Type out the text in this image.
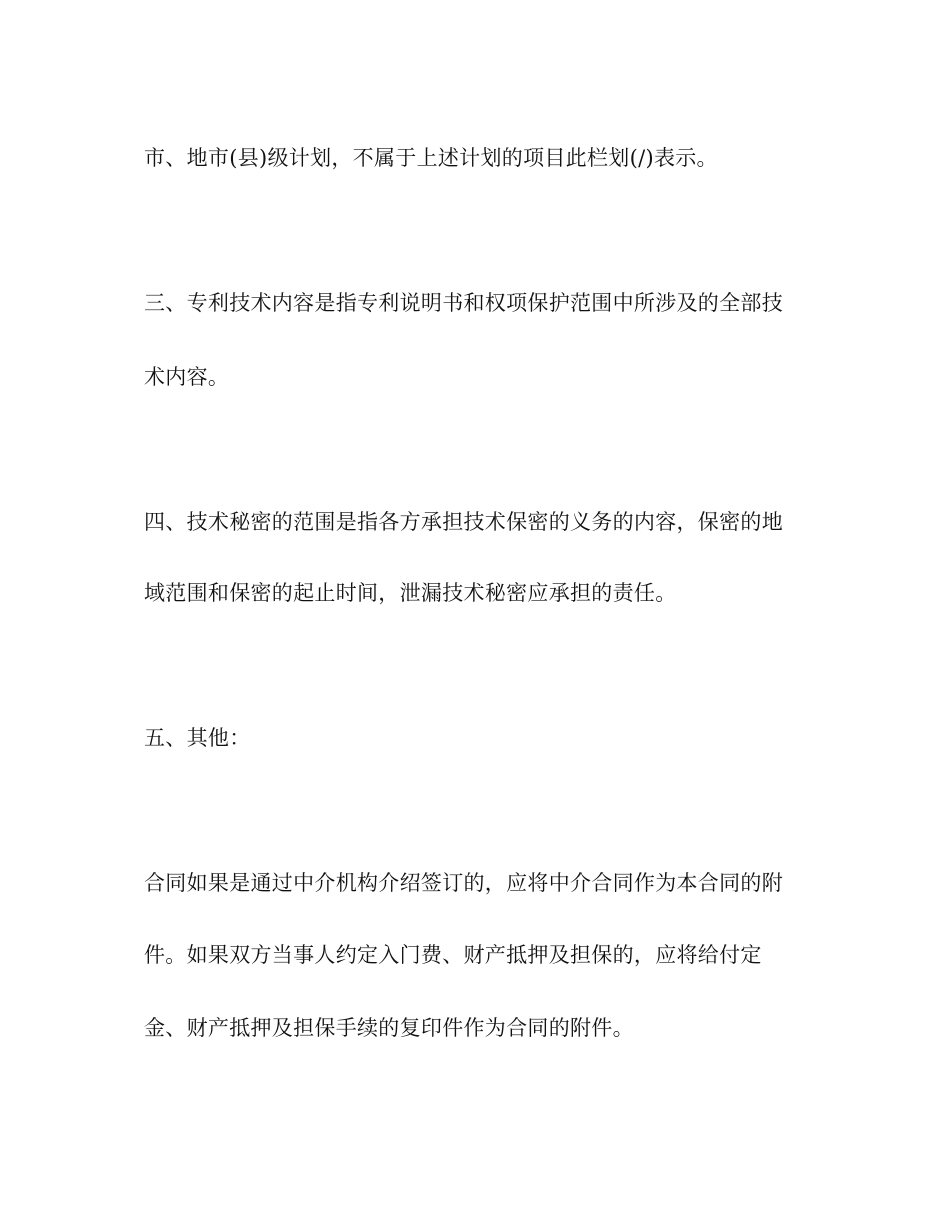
市、地市(县)级计划，不属于上述计划的项目此栏划(/)表示。
三、专利技术内容是指专利说明书和权项保护范围中所涉及的全部技
术内容。
四、技术秘密的范围是指各方承担技术保密的义务的内容，保密的地
域范围和保密的起止时间，泄漏技术秘密应承担的责任。
五、其他：
合同如果是通过中介机构介绍签订的，应将中介合同作为本合同的附
件。如果双方当事人约定入门费、财产抵押及担保的，应将给付定
金、财产抵押及担保手续的复印件作为合同的附件。
